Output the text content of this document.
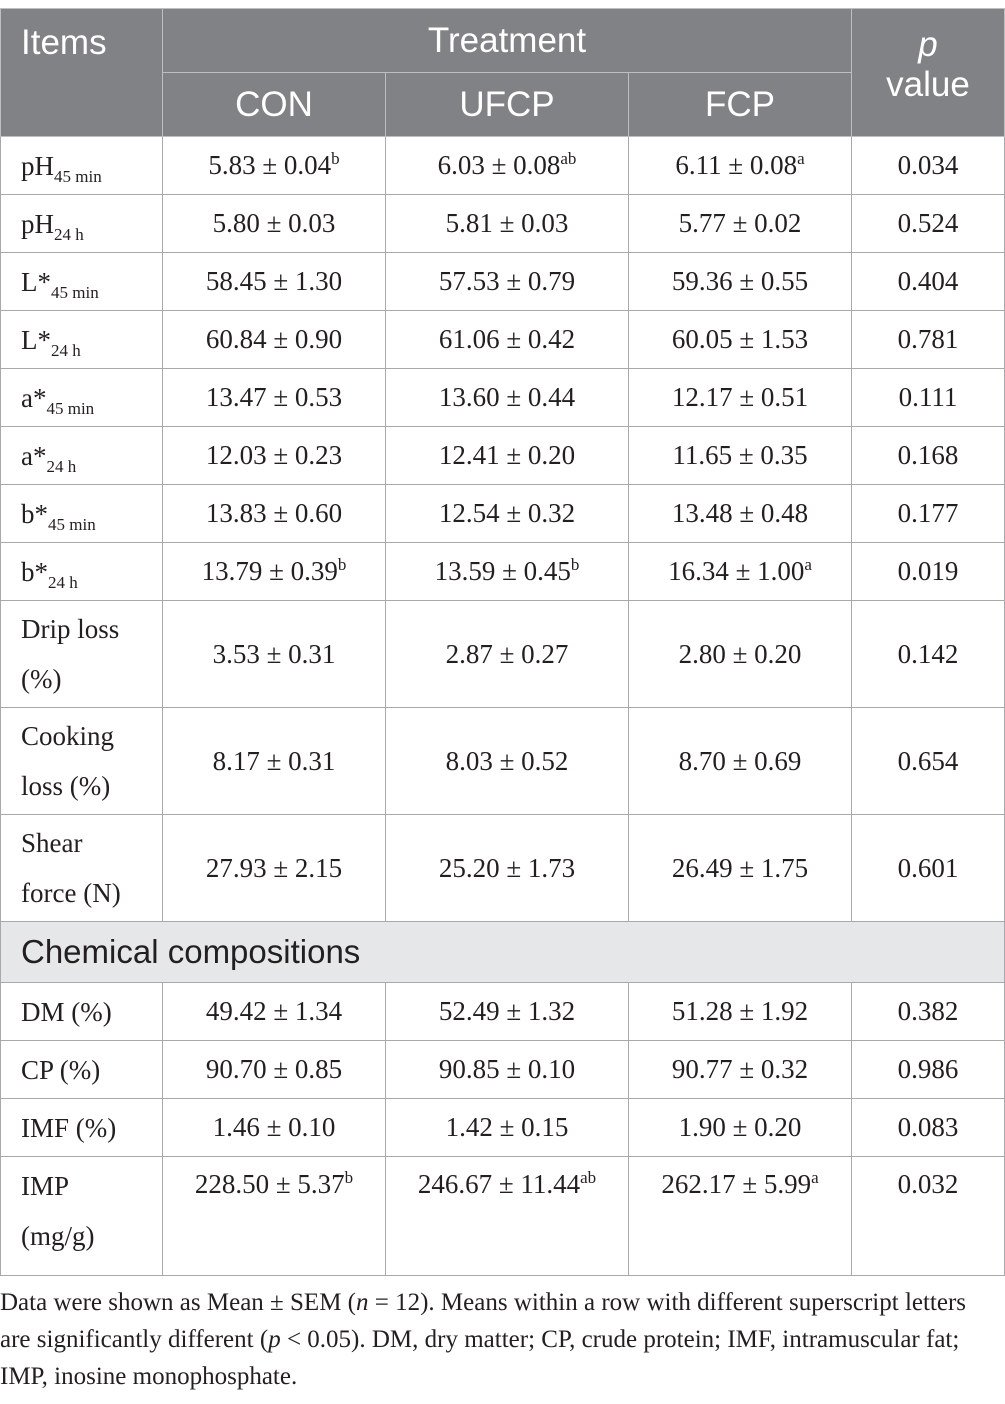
Items	Treatment			p
value
	CON	UFCP	FCP	
$pH_{45 min}$	5.83 ± 0.04$^b$	6.03 ± 0.08$^{ab}$	6.11 ± 0.08$^a$	0.034
$pH_{24 h}$	5.80 ± 0.03	5.81 ± 0.03	5.77 ± 0.02	0.524
$L*_{45 min}$	58.45 ± 1.30	57.53 ± 0.79	59.36 ± 0.55	0.404
$L*_{24 h}$	60.84 ± 0.90	61.06 ± 0.42	60.05 ± 1.53	0.781
$a*_{45 min}$	13.47 ± 0.53	13.60 ± 0.44	12.17 ± 0.51	0.111
$a*_{24 h}$	12.03 ± 0.23	12.41 ± 0.20	11.65 ± 0.35	0.168
$b*_{45 min}$	13.83 ± 0.60	12.54 ± 0.32	13.48 ± 0.48	0.177
$b*_{24 h}$	13.79 ± 0.39$^b$	13.59 ± 0.45$^b$	16.34 ± 1.00$^a$	0.019
Drip loss
(%)	3.53 ± 0.31	2.87 ± 0.27	2.80 ± 0.20	0.142
Cooking
loss (%)	8.17 ± 0.31	8.03 ± 0.52	8.70 ± 0.69	0.654
Shear
force (N)	27.93 ± 2.15	25.20 ± 1.73	26.49 ± 1.75	0.601
Chemical compositions				
DM (%)	49.42 ± 1.34	52.49 ± 1.32	51.28 ± 1.92	0.382
CP (%)	90.70 ± 0.85	90.85 ± 0.10	90.77 ± 0.32	0.986
IMF (%)	1.46 ± 0.10	1.42 ± 0.15	1.90 ± 0.20	0.083
IMP
(mg/g)	228.50 ± 5.37$^b$	246.67 ± 11.44$^{ab}$	262.17 ± 5.99$^a$	0.032
Data were shown as Mean ± SEM (n = 12). Means within a row with different superscript letters are significantly different (p < 0.05). DM, dry matter; CP, crude protein; IMF, intramuscular fat; IMP, inosine monophosphate.
